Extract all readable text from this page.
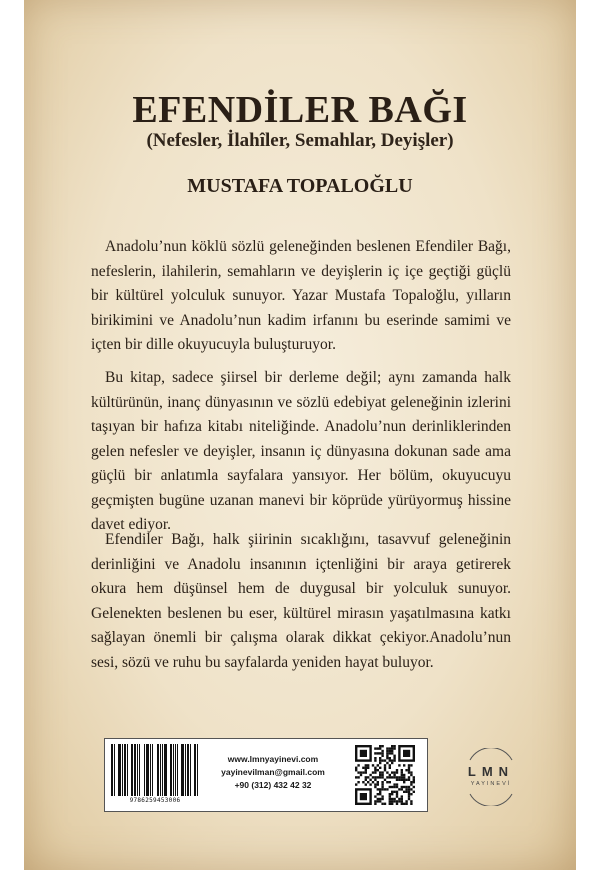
EFENDİLER BAĞI
(Nefesler, İlahîler, Semahlar, Deyişler)
MUSTAFA TOPALOĞLU

Anadolu’nun köklü sözlü geleneğinden beslenen Efendiler Bağı, nefeslerin, ilahilerin, semahların ve deyişlerin iç içe geçtiği güçlü bir kültürel yolculuk sunuyor. Yazar Mustafa Topaloğlu, yılların birikimini ve Anadolu’nun kadim irfanını bu eserinde samimi ve içten bir dille okuyucuyla buluşturuyor.

Bu kitap, sadece şiirsel bir derleme değil; aynı zamanda halk kültürünün, inanç dünyasının ve sözlü edebiyat geleneğinin izlerini taşıyan bir hafıza kitabı niteliğinde. Anadolu’nun derinliklerinden gelen nefesler ve deyişler, insanın iç dünyasına dokunan sade ama güçlü bir anlatımla sayfalara yansıyor. Her bölüm, okuyucuyu geçmişten bugüne uzanan manevi bir köprüde yürüyormuş hissine davet ediyor.

Efendiler Bağı, halk şiirinin sıcaklığını, tasavvuf geleneğinin derinliğini ve Anadolu insanının içtenliğini bir araya getirerek okura hem düşünsel hem de duygusal bir yolculuk sunuyor. Gelenekten beslenen bu eser, kültürel mirasın yaşatılmasına katkı sağlayan önemli bir çalışma olarak dikkat çekiyor.Anadolu’nun sesi, sözü ve ruhu bu sayfalarda yeniden hayat buluyor.

9786259453006
www.lmnyayinevi.com
yayinevilman@gmail.com
+90 (312) 432 42 32
LMN
YAYINEVİ
